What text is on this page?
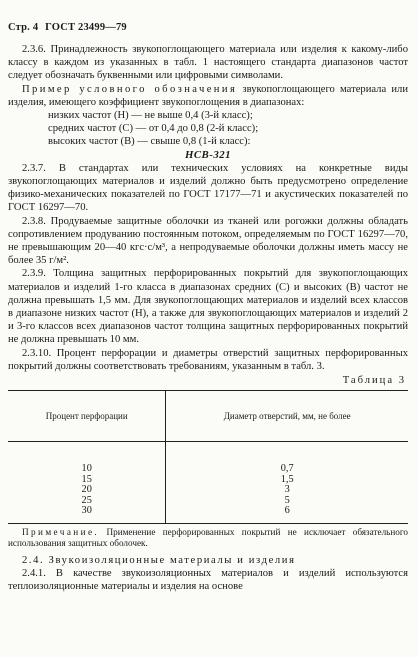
Стр. 4 ГОСТ 23499—79

2.3.6. Принадлежность звукопоглощающего материала или изделия к какому-либо классу в каждом из указанных в табл. 1 настоящего стандарта диапазонов частот следует обозначать буквенными или цифровыми символами.

Пример условного обозначения звукопоглощающего материала или изделия, имеющего коэффициент звукопоглощения в диапазонах:

низких частот (Н) — не выше 0,4 (3-й класс);
средних частот (С) — от 0,4 до 0,8 (2-й класс);
высоких частот (В) — свыше 0,8 (1-й класс):
НСВ-321

2.3.7. В стандартах или технических условиях на конкретные виды звукопоглощающих материалов и изделий должно быть предусмотрено определение физико-механических показателей по ГОСТ 17177—71 и акустических показателей по ГОСТ 16297—70.

2.3.8. Продуваемые защитные оболочки из тканей или рогожки должны обладать сопротивлением продуванию постоянным потоком, определяемым по ГОСТ 16297—70, не превышающим 20—40 кгс·с/м³, а непродуваемые оболочки должны иметь массу не более 35 г/м².

2.3.9. Толщина защитных перфорированных покрытий для звукопоглощающих материалов и изделий 1-го класса в диапазонах средних (С) и высоких (В) частот не должна превышать 1,5 мм. Для звукопоглощающих материалов и изделий всех классов в диапазоне низких частот (Н), а также для звукопоглощающих материалов и изделий 2 и 3-го классов всех диапазонов частот толщина защитных перфорированных покрытий не должна превышать 10 мм.

2.3.10. Процент перфорации и диаметры отверстий защитных перфорированных покрытий должны соответствовать требованиям, указанным в табл. 3.

Таблица 3
Процент перфорации	Диаметр отверстий, мм, не более
10	0,7
15	1,5
20	3
25	5
30	6

Примечание. Применение перфорированных покрытий не исключает обязательного использования защитных оболочек.

2.4. Звукоизоляционные материалы и изделия

2.4.1. В качестве звукоизоляционных материалов и изделий используются теплоизоляционные материалы и изделия на основе
